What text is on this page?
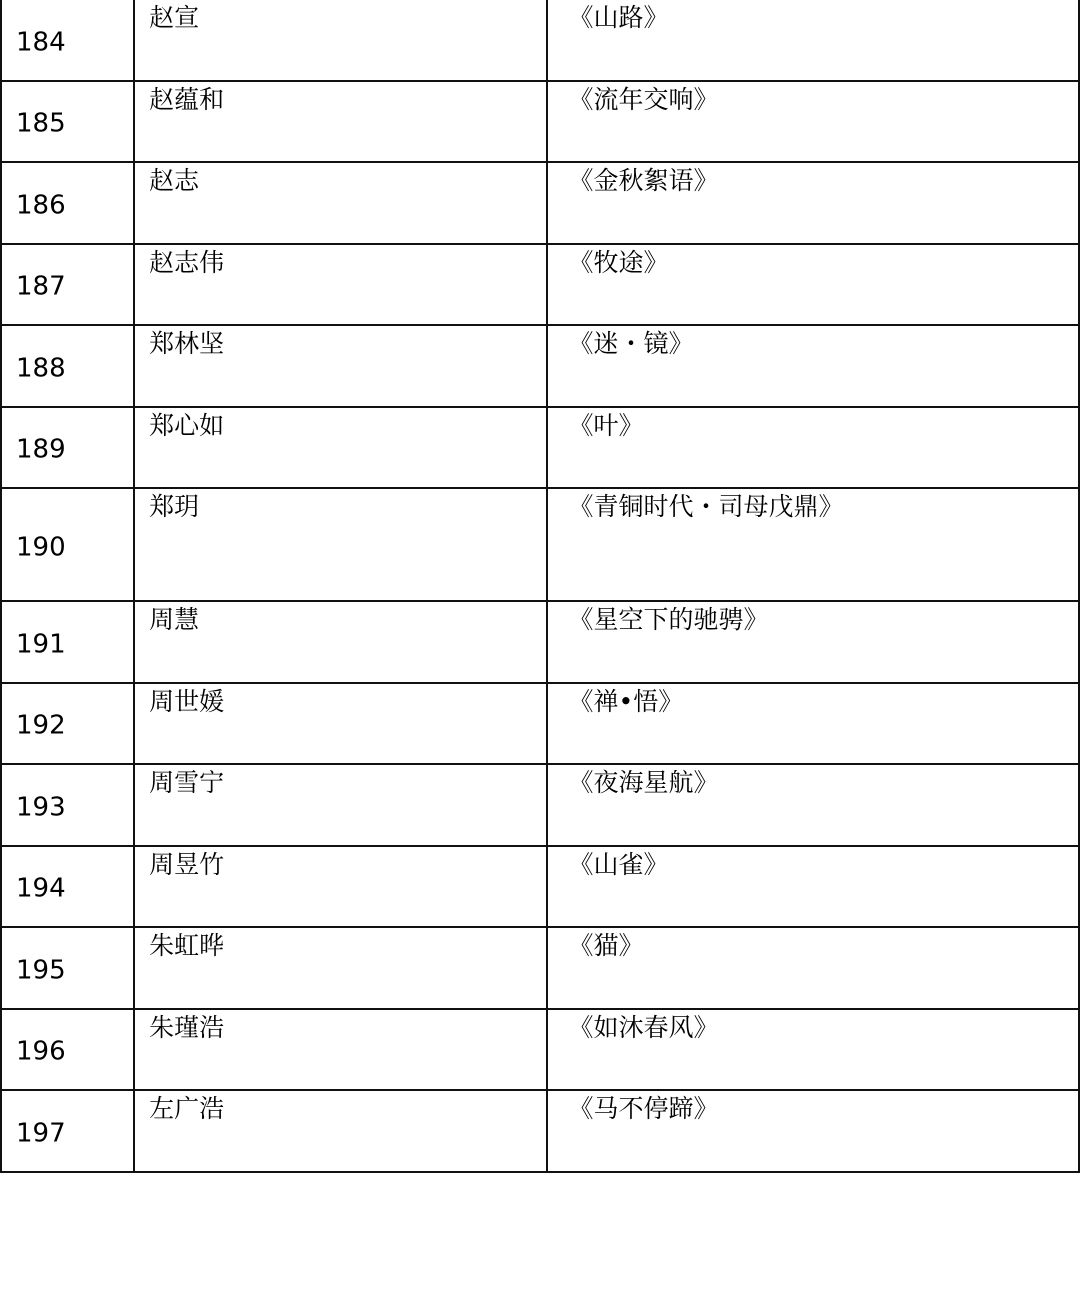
184	赵宣	《山路》

185	赵蕴和	《流年交响》

186	赵志	《金秋絮语》

187	赵志伟	《牧途》

188	郑林坚	《迷・镜》

189	郑心如	《叶》

190	郑玥	《青铜时代・司母戊鼎》

191	周慧	《星空下的驰骋》

192	周世媛	《禅•悟》

193	周雪宁	《夜海星航》

194	周昱竹	《山雀》

195	朱虹晔	《猫》

196	朱瑾浩	《如沐春风》

197	左广浩	《马不停蹄》
